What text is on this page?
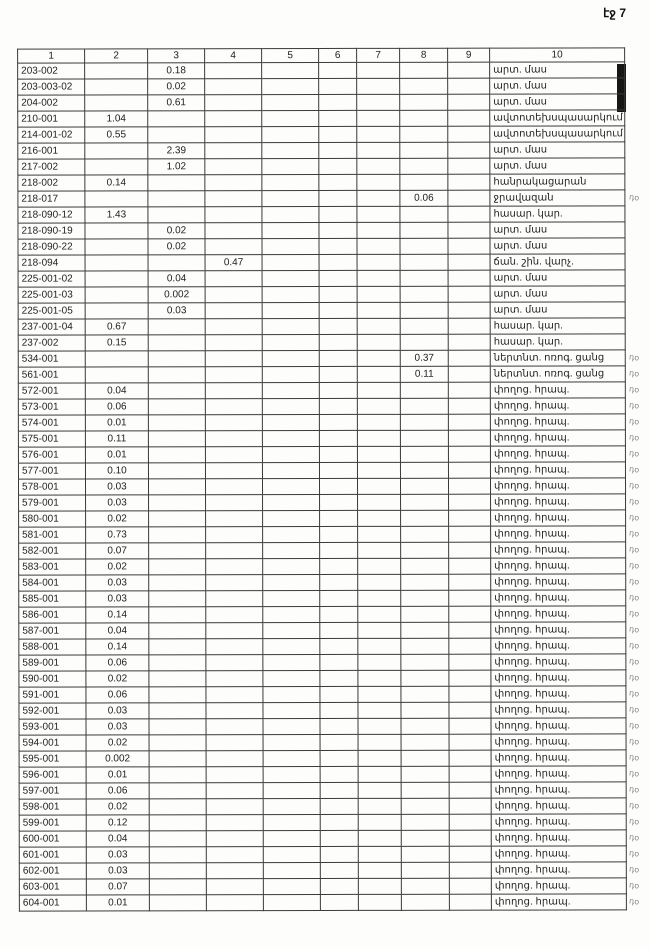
էջ 7
1	2	3	4	5	6	7	8	9	10
203-002		0.18							արտ. մաս
203-003-02		0.02							արտ. մաս
204-002		0.61							արտ. մաս
210-001	1.04								ավտոտեխսպասարկում
214-001-02	0.55								ավտոտեխսպասարկում
216-001		2.39							արտ. մաս
217-002		1.02							արտ. մաս
218-002	0.14								հանրակացարան
218-017							0.06		ջրավազան
218-090-12	1.43								հասար. կար.
218-090-19		0.02							արտ. մաս
218-090-22		0.02							արտ. մաս
218-094			0.47						ճան. շին. վարչ.
225-001-02		0.04							արտ. մաս
225-001-03		0.002							արտ. մաս
225-001-05		0.03							արտ. մաս
237-001-04	0.67								հասար. կար.
237-002	0.15								հասար. կար.
534-001							0.37		ներտնտ. ոռոգ. ցանց
561-001							0.11		ներտնտ. ոռոգ. ցանց
572-001	0.04								փողոց. հրապ.
573-001	0.06								փողոց. հրապ.
574-001	0.01								փողոց. հրապ.
575-001	0.11								փողոց. հրապ.
576-001	0.01								փողոց. հրապ.
577-001	0.10								փողոց. հրապ.
578-001	0.03								փողոց. հրապ.
579-001	0.03								փողոց. հրապ.
580-001	0.02								փողոց. հրապ.
581-001	0.73								փողոց. հրապ.
582-001	0.07								փողոց. հրապ.
583-001	0.02								փողոց. հրապ.
584-001	0.03								փողոց. հրապ.
585-001	0.03								փողոց. հրապ.
586-001	0.14								փողոց. հրապ.
587-001	0.04								փողոց. հրապ.
588-001	0.14								փողոց. հրապ.
589-001	0.06								փողոց. հրապ.
590-001	0.02								փողոց. հրապ.
591-001	0.06								փողոց. հրապ.
592-001	0.03								փողոց. հրապ.
593-001	0.03								փողոց. հրապ.
594-001	0.02								փողոց. հրապ.
595-001	0.002								փողոց. հրապ.
596-001	0.01								փողոց. հրապ.
597-001	0.06								փողոց. հրապ.
598-001	0.02								փողոց. հրապ.
599-001	0.12								փողոց. հրապ.
600-001	0.04								փողոց. հրապ.
601-001	0.03								փողոց. հրապ.
602-001	0.03								փողոց. հրապ.
603-001	0.07								փողոց. հրապ.
604-001	0.01								փողոց. հրապ.
դօ
դօ
դօ
դօ
դօ
դօ
դօ
դօ
դօ
դօ
դօ
դօ
դօ
դօ
դօ
դօ
դօ
դօ
դօ
դօ
դօ
դօ
դօ
դօ
դօ
դօ
դօ
դօ
դօ
դօ
դօ
դօ
դօ
դօ
դօ
դօ
